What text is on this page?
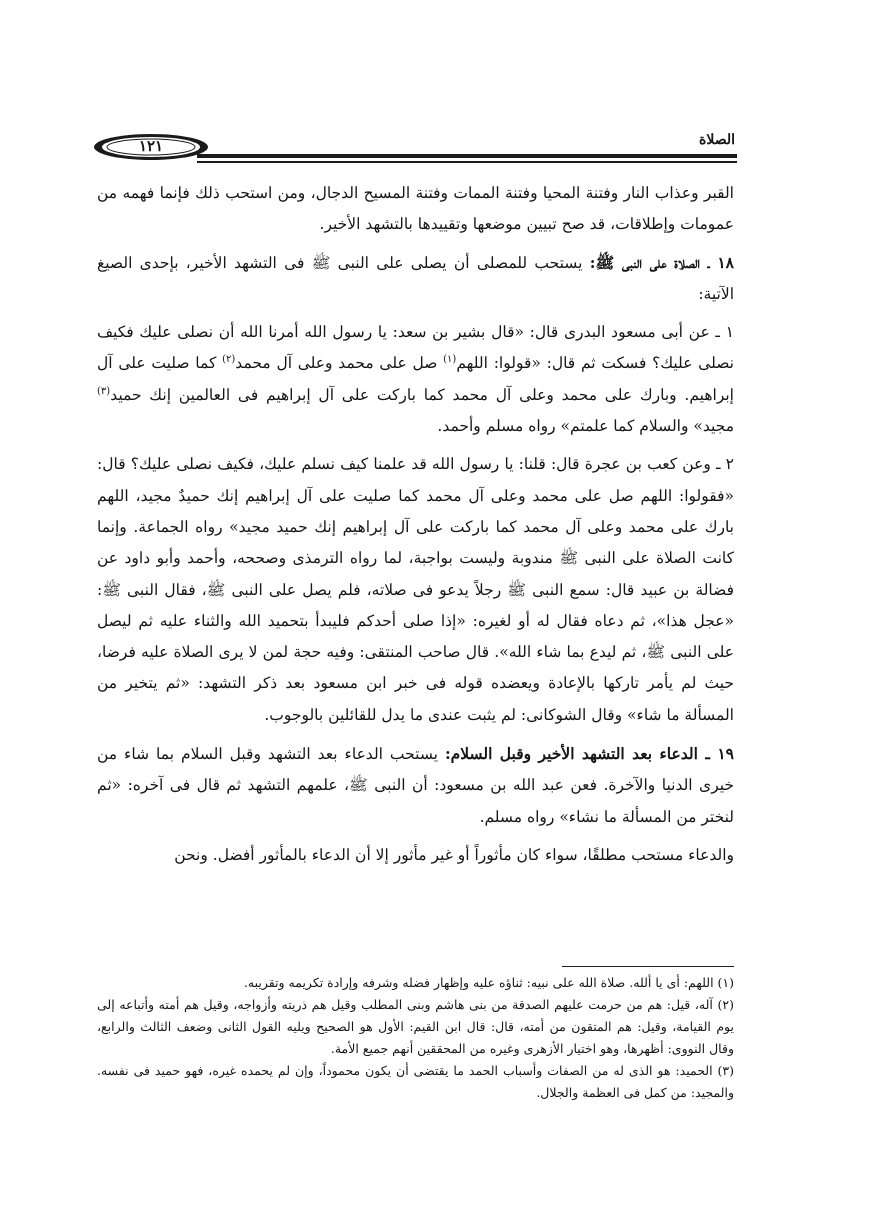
الصلاة
١٢١

القبر وعذاب النار وفتنة المحيا وفتنة الممات وفتنة المسيح الدجال، ومن استحب ذلك فإنما فهمه من عمومات وإطلاقات، قد صح تبيين موضعها وتقييدها بالتشهد الأخير.

١٨ ـ الصلاة على النبى ﷺ: يستحب للمصلى أن يصلى على النبى ﷺ فى التشهد الأخير، بإحدى الصيغ الآتية:

١ ـ عن أبى مسعود البدرى قال: «قال بشير بن سعد: يا رسول الله أمرنا الله أن نصلى عليك فكيف نصلى عليك؟ فسكت ثم قال: «قولوا: اللهم$^{(١)}$ صل على محمد وعلى آل محمد$^{(٢)}$ كما صليت على آل إبراهيم. وبارك على محمد وعلى آل محمد كما باركت على آل إبراهيم فى العالمين إنك حميد$^{(٣)}$ مجيد» والسلام كما علمتم» رواه مسلم وأحمد.

٢ ـ وعن كعب بن عجرة قال: قلنا: يا رسول الله قد علمنا كيف نسلم عليك، فكيف نصلى عليك؟ قال: «فقولوا: اللهم صل على محمد وعلى آل محمد كما صليت على آل إبراهيم إنك حميدٌ مجيد، اللهم بارك على محمد وعلى آل محمد كما باركت على آل إبراهيم إنك حميد مجيد» رواه الجماعة. وإنما كانت الصلاة على النبى ﷺ مندوبة وليست بواجبة، لما رواه الترمذى وصححه، وأحمد وأبو داود عن فضالة بن عبيد قال: سمع النبى ﷺ رجلاً يدعو فى صلاته، فلم يصل على النبى ﷺ، فقال النبى ﷺ: «عجل هذا»، ثم دعاه فقال له أو لغيره: «إذا صلى أحدكم فليبدأ بتحميد الله والثناء عليه ثم ليصل على النبى ﷺ، ثم ليدع بما شاء الله». قال صاحب المنتقى: وفيه حجة لمن لا يرى الصلاة عليه فرضا، حيث لم يأمر تاركها بالإعادة ويعضده قوله فى خبر ابن مسعود بعد ذكر التشهد: «ثم يتخير من المسألة ما شاء» وقال الشوكانى: لم يثبت عندى ما يدل للقائلين بالوجوب.

١٩ ـ الدعاء بعد التشهد الأخير وقبل السلام: يستحب الدعاء بعد التشهد وقبل السلام بما شاء من خيرى الدنيا والآخرة. فعن عبد الله بن مسعود: أن النبى ﷺ، علمهم التشهد ثم قال فى آخره: «ثم لنختر من المسألة ما نشاء» رواه مسلم.

والدعاء مستحب مطلقًا، سواء كان مأثوراً أو غير مأثور إلا أن الدعاء بالمأثور أفضل. ونحن

(١) اللهم: أى يا ألله. صلاة الله على نبيه: ثناؤه عليه وإظهار فضله وشرفه وإرادة تكريمه وتقريبه.

(٢) آله، قيل: هم من حرمت عليهم الصدقة من بنى هاشم وبنى المطلب وقيل هم ذريته وأزواجه، وقيل هم أمته وأتباعه إلى يوم القيامة، وقيل: هم المتقون من أمته، قال: قال ابن القيم: الأول هو الصحيح ويليه القول الثانى وضعف الثالث والرابع، وقال النووى: أظهرها، وهو اختيار الأزهرى وغيره من المحققين أنهم جميع الأمة.

(٣) الحميد: هو الذى له من الصفات وأسباب الحمد ما يقتضى أن يكون محموداً، وإن لم يحمده غيره، فهو حميد فى نفسه. والمجيد: من كمل فى العظمة والجلال.
